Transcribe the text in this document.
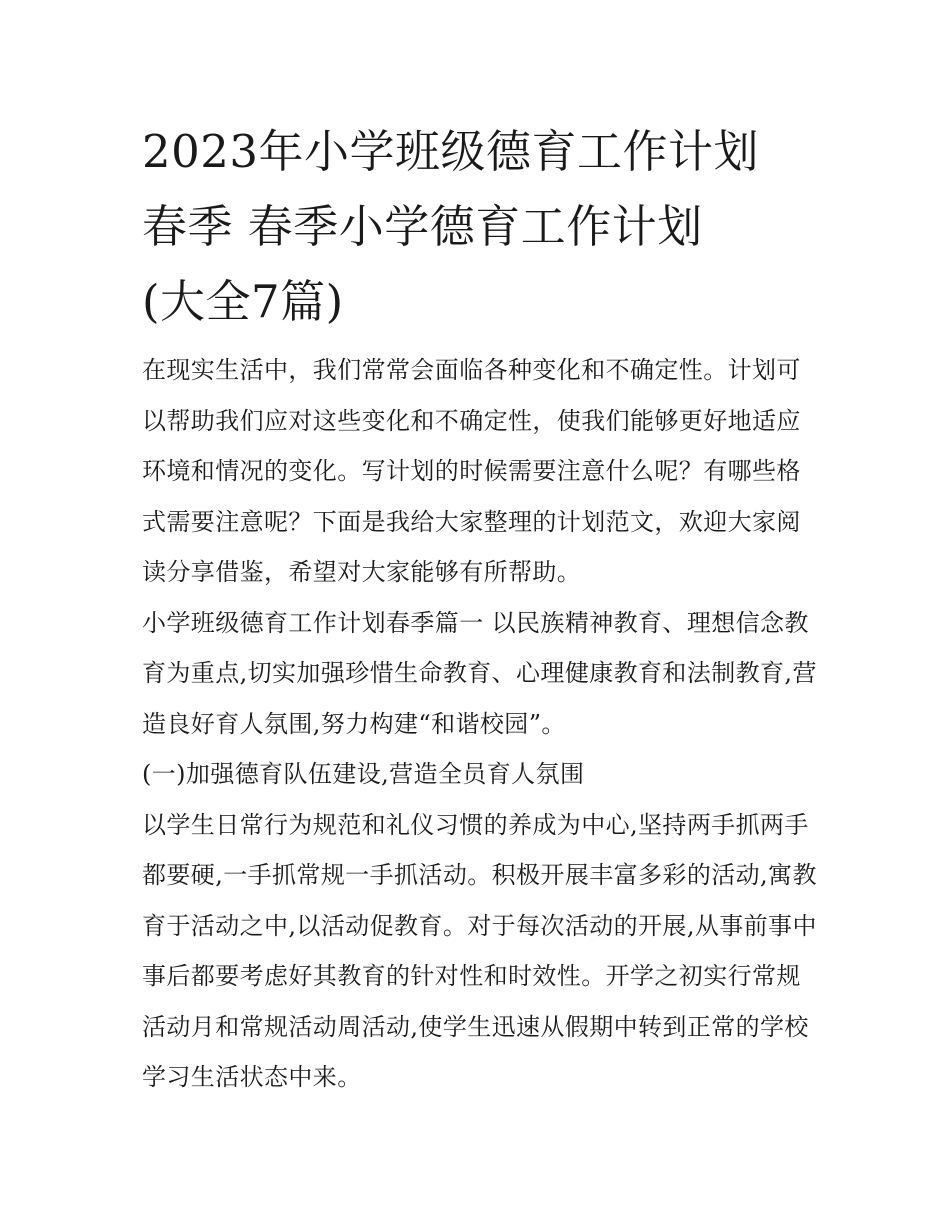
2023年小学班级德育工作计划
春季 春季小学德育工作计划
(大全7篇)

在现实生活中，我们常常会面临各种变化和不确定性。计划可以帮助我们应对这些变化和不确定性，使我们能够更好地适应环境和情况的变化。写计划的时候需要注意什么呢？有哪些格式需要注意呢？下面是我给大家整理的计划范文，欢迎大家阅读分享借鉴，希望对大家能够有所帮助。

小学班级德育工作计划春季篇一 以民族精神教育、理想信念教育为重点,切实加强珍惜生命教育、心理健康教育和法制教育,营造良好育人氛围,努力构建“和谐校园”。

(一)加强德育队伍建设,营造全员育人氛围

以学生日常行为规范和礼仪习惯的养成为中心,坚持两手抓两手都要硬,一手抓常规一手抓活动。积极开展丰富多彩的活动,寓教育于活动之中,以活动促教育。对于每次活动的开展,从事前事中事后都要考虑好其教育的针对性和时效性。开学之初实行常规活动月和常规活动周活动,使学生迅速从假期中转到正常的学校学习生活状态中来。
